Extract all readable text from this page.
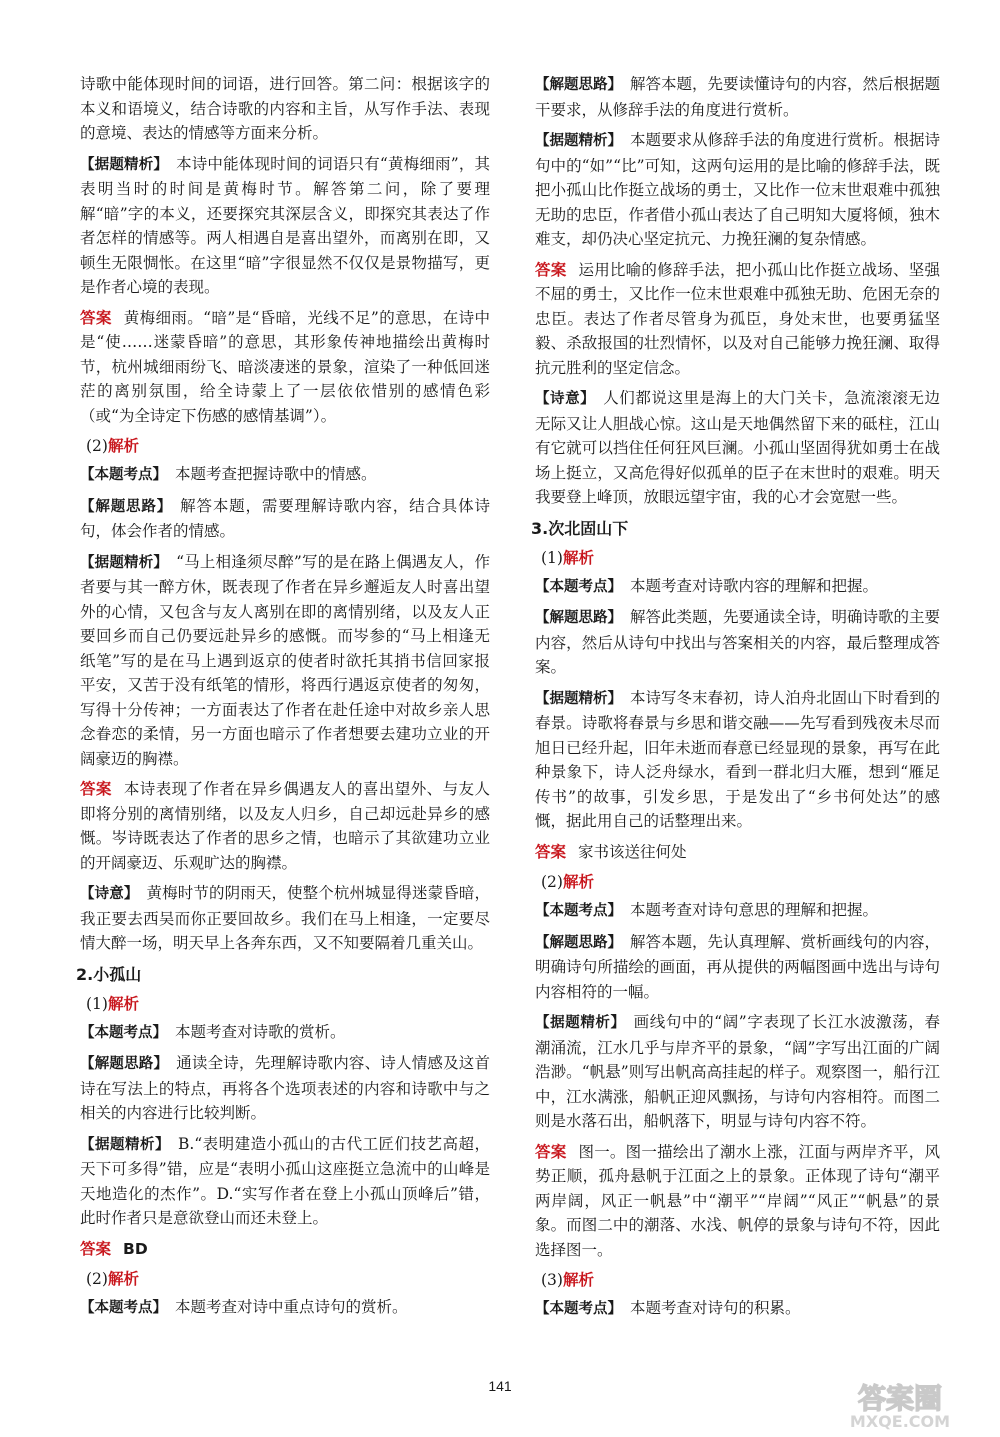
诗歌中能体现时间的词语，进行回答。第二问：根据该字的本义和语境义，结合诗歌的内容和主旨，从写作手法、表现的意境、表达的情感等方面来分析。

【据题精析】 本诗中能体现时间的词语只有“黄梅细雨”，其表明当时的时间是黄梅时节。解答第二问，除了要理解“暗”字的本义，还要探究其深层含义，即探究其表达了作者怎样的情感等。两人相遇自是喜出望外，而离别在即，又顿生无限惆怅。在这里“暗”字很显然不仅仅是景物描写，更是作者心境的表现。

答案 黄梅细雨。“暗”是“昏暗，光线不足”的意思，在诗中是“使……迷蒙昏暗”的意思，其形象传神地描绘出黄梅时节，杭州城细雨纷飞、暗淡凄迷的景象，渲染了一种低回迷茫的离别氛围，给全诗蒙上了一层依依惜别的感情色彩（或“为全诗定下伤感的感情基调”）。

(2)解析

【本题考点】 本题考查把握诗歌中的情感。

【解题思路】 解答本题，需要理解诗歌内容，结合具体诗句，体会作者的情感。

【据题精析】 “马上相逢须尽醉”写的是在路上偶遇友人，作者要与其一醉方休，既表现了作者在异乡邂逅友人时喜出望外的心情，又包含与友人离别在即的离情别绪，以及友人正要回乡而自己仍要远赴异乡的感慨。而岑参的“马上相逢无纸笔”写的是在马上遇到返京的使者时欲托其捎书信回家报平安，又苦于没有纸笔的情形，将西行遇返京使者的匆匆，写得十分传神；一方面表达了作者在赴任途中对故乡亲人思念眷恋的柔情，另一方面也暗示了作者想要去建功立业的开阔豪迈的胸襟。

答案 本诗表现了作者在异乡偶遇友人的喜出望外、与友人即将分别的离情别绪，以及友人归乡，自己却远赴异乡的感慨。岑诗既表达了作者的思乡之情，也暗示了其欲建功立业的开阔豪迈、乐观旷达的胸襟。

【诗意】 黄梅时节的阴雨天，使整个杭州城显得迷蒙昏暗，我正要去西吴而你正要回故乡。我们在马上相逢，一定要尽情大醉一场，明天早上各奔东西，又不知要隔着几重关山。

2.小孤山

(1)解析

【本题考点】 本题考查对诗歌的赏析。

【解题思路】 通读全诗，先理解诗歌内容、诗人情感及这首诗在写法上的特点，再将各个选项表述的内容和诗歌中与之相关的内容进行比较判断。

【据题精析】 B.“表明建造小孤山的古代工匠们技艺高超，天下可多得”错，应是“表明小孤山这座挺立急流中的山峰是天地造化的杰作”。D.“实写作者在登上小孤山顶峰后”错，此时作者只是意欲登山而还未登上。

答案 BD

(2)解析

【本题考点】 本题考查对诗中重点诗句的赏析。

【解题思路】 解答本题，先要读懂诗句的内容，然后根据题干要求，从修辞手法的角度进行赏析。

【据题精析】 本题要求从修辞手法的角度进行赏析。根据诗句中的“如”“比”可知，这两句运用的是比喻的修辞手法，既把小孤山比作挺立战场的勇士，又比作一位末世艰难中孤独无助的忠臣，作者借小孤山表达了自己明知大厦将倾，独木难支，却仍决心坚定抗元、力挽狂澜的复杂情感。

答案 运用比喻的修辞手法，把小孤山比作挺立战场、坚强不屈的勇士，又比作一位末世艰难中孤独无助、危困无奈的忠臣。表达了作者尽管身为孤臣，身处末世，也要勇猛坚毅、杀敌报国的壮烈情怀，以及对自己能够力挽狂澜、取得抗元胜利的坚定信念。

【诗意】 人们都说这里是海上的大门关卡，急流滚滚无边无际又让人胆战心惊。这山是天地偶然留下来的砥柱，江山有它就可以挡住任何狂风巨澜。小孤山坚固得犹如勇士在战场上挺立，又高危得好似孤单的臣子在末世时的艰难。明天我要登上峰顶，放眼远望宇宙，我的心才会宽慰一些。

3.次北固山下

(1)解析

【本题考点】 本题考查对诗歌内容的理解和把握。

【解题思路】 解答此类题，先要通读全诗，明确诗歌的主要内容，然后从诗句中找出与答案相关的内容，最后整理成答案。

【据题精析】 本诗写冬末春初，诗人泊舟北固山下时看到的春景。诗歌将春景与乡思和谐交融——先写看到残夜未尽而旭日已经升起，旧年未逝而春意已经显现的景象，再写在此种景象下，诗人泛舟绿水，看到一群北归大雁，想到“雁足传书”的故事，引发乡思，于是发出了“乡书何处达”的感慨，据此用自己的话整理出来。

答案 家书该送往何处

(2)解析

【本题考点】 本题考查对诗句意思的理解和把握。

【解题思路】 解答本题，先认真理解、赏析画线句的内容，明确诗句所描绘的画面，再从提供的两幅图画中选出与诗句内容相符的一幅。

【据题精析】 画线句中的“阔”字表现了长江水波激荡，春潮涌流，江水几乎与岸齐平的景象，“阔”字写出江面的广阔浩渺。“帆悬”则写出帆高高挂起的样子。观察图一，船行江中，江水满涨，船帆正迎风飘扬，与诗句内容相符。而图二则是水落石出，船帆落下，明显与诗句内容不符。

答案 图一。图一描绘出了潮水上涨，江面与两岸齐平，风势正顺，孤舟悬帆于江面之上的景象。正体现了诗句“潮平两岸阔，风正一帆悬”中“潮平”“岸阔”“风正”“帆悬”的景象。而图二中的潮落、水浅、帆停的景象与诗句不符，因此选择图一。

(3)解析

【本题考点】 本题考查对诗句的积累。

141	答案圈
MXQE.COM
